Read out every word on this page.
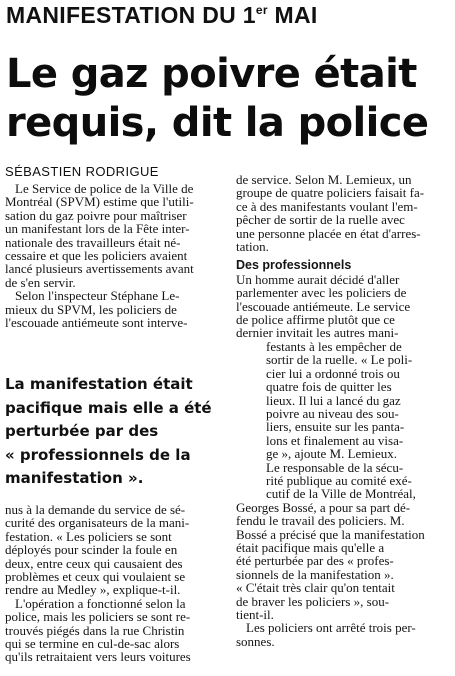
MANIFESTATION DU 1er MAI
Le gaz poivre était
requis, dit la police
SÉBASTIEN RODRIGUE
Le Service de police de la Ville de
Montréal (SPVM) estime que l'utili-
sation du gaz poivre pour maîtriser
un manifestant lors de la Fête inter-
nationale des travailleurs était né-
cessaire et que les policiers avaient
lancé plusieurs avertissements avant
de s'en servir.
Selon l'inspecteur Stéphane Le-
mieux du SPVM, les policiers de
l'escouade antiémeute sont interve-
La manifestation était
pacifique mais elle a été
perturbée par des
« professionnels de la
manifestation ».
nus à la demande du service de sé-
curité des organisateurs de la mani-
festation. « Les policiers se sont
déployés pour scinder la foule en
deux, entre ceux qui causaient des
problèmes et ceux qui voulaient se
rendre au Medley », explique-t-il.
L'opération a fonctionné selon la
police, mais les policiers se sont re-
trouvés piégés dans la rue Christin
qui se termine en cul-de-sac alors
qu'ils retraitaient vers leurs voitures
de service. Selon M. Lemieux, un
groupe de quatre policiers faisait fa-
ce à des manifestants voulant l'em-
pêcher de sortir de la ruelle avec
une personne placée en état d'arres-
tation.
Des professionnels
Un homme aurait décidé d'aller
parlementer avec les policiers de
l'escouade antiémeute. Le service
de police affirme plutôt que ce
dernier invitait les autres mani-
festants à les empêcher de
sortir de la ruelle. « Le poli-
cier lui a ordonné trois ou
quatre fois de quitter les
lieux. Il lui a lancé du gaz
poivre au niveau des sou-
liers, ensuite sur les panta-
lons et finalement au visa-
ge », ajoute M. Lemieux.
Le responsable de la sécu-
rité publique au comité exé-
cutif de la Ville de Montréal,
Georges Bossé, a pour sa part dé-
fendu le travail des policiers. M.
Bossé a précisé que la manifestation
était pacifique mais qu'elle a
été perturbée par des « profes-
sionnels de la manifestation ».
« C'était très clair qu'on tentait
de braver les policiers », sou-
tient-il.
Les policiers ont arrêté trois per-
sonnes.
